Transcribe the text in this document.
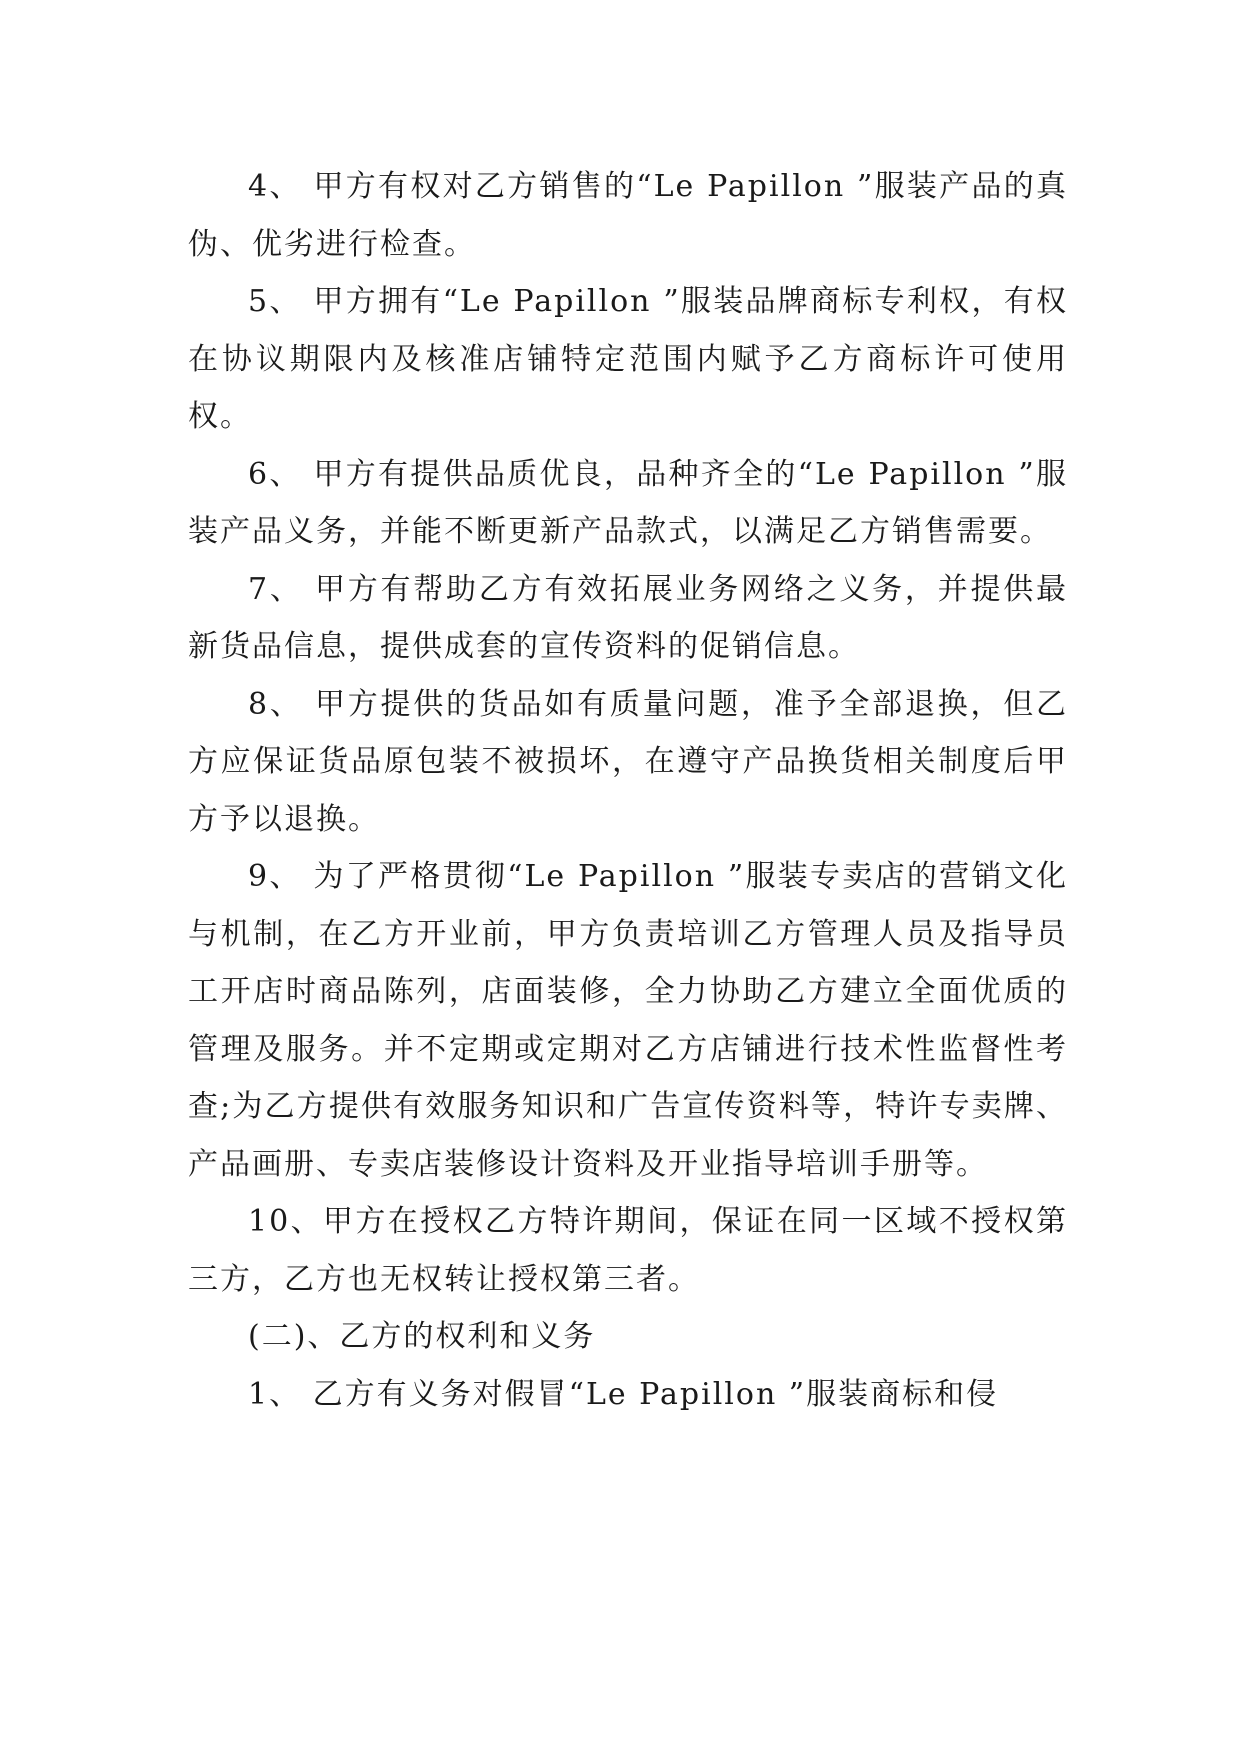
4、 甲方有权对乙方销售的“Le Papillon ”服装产品的真伪、优劣进行检查。

5、 甲方拥有“Le Papillon ”服装品牌商标专利权，有权在协议期限内及核准店铺特定范围内赋予乙方商标许可使用权。

6、 甲方有提供品质优良，品种齐全的“Le Papillon ”服装产品义务，并能不断更新产品款式，以满足乙方销售需要。

7、 甲方有帮助乙方有效拓展业务网络之义务，并提供最新货品信息，提供成套的宣传资料的促销信息。

8、 甲方提供的货品如有质量问题，准予全部退换，但乙方应保证货品原包装不被损坏，在遵守产品换货相关制度后甲方予以退换。

9、 为了严格贯彻“Le Papillon ”服装专卖店的营销文化与机制，在乙方开业前，甲方负责培训乙方管理人员及指导员工开店时商品陈列，店面装修，全力协助乙方建立全面优质的管理及服务。并不定期或定期对乙方店铺进行技术性监督性考查;为乙方提供有效服务知识和广告宣传资料等，特许专卖牌、产品画册、专卖店装修设计资料及开业指导培训手册等。

10、甲方在授权乙方特许期间，保证在同一区域不授权第三方，乙方也无权转让授权第三者。

(二)、乙方的权利和义务

1、 乙方有义务对假冒“Le Papillon ”服装商标和侵
